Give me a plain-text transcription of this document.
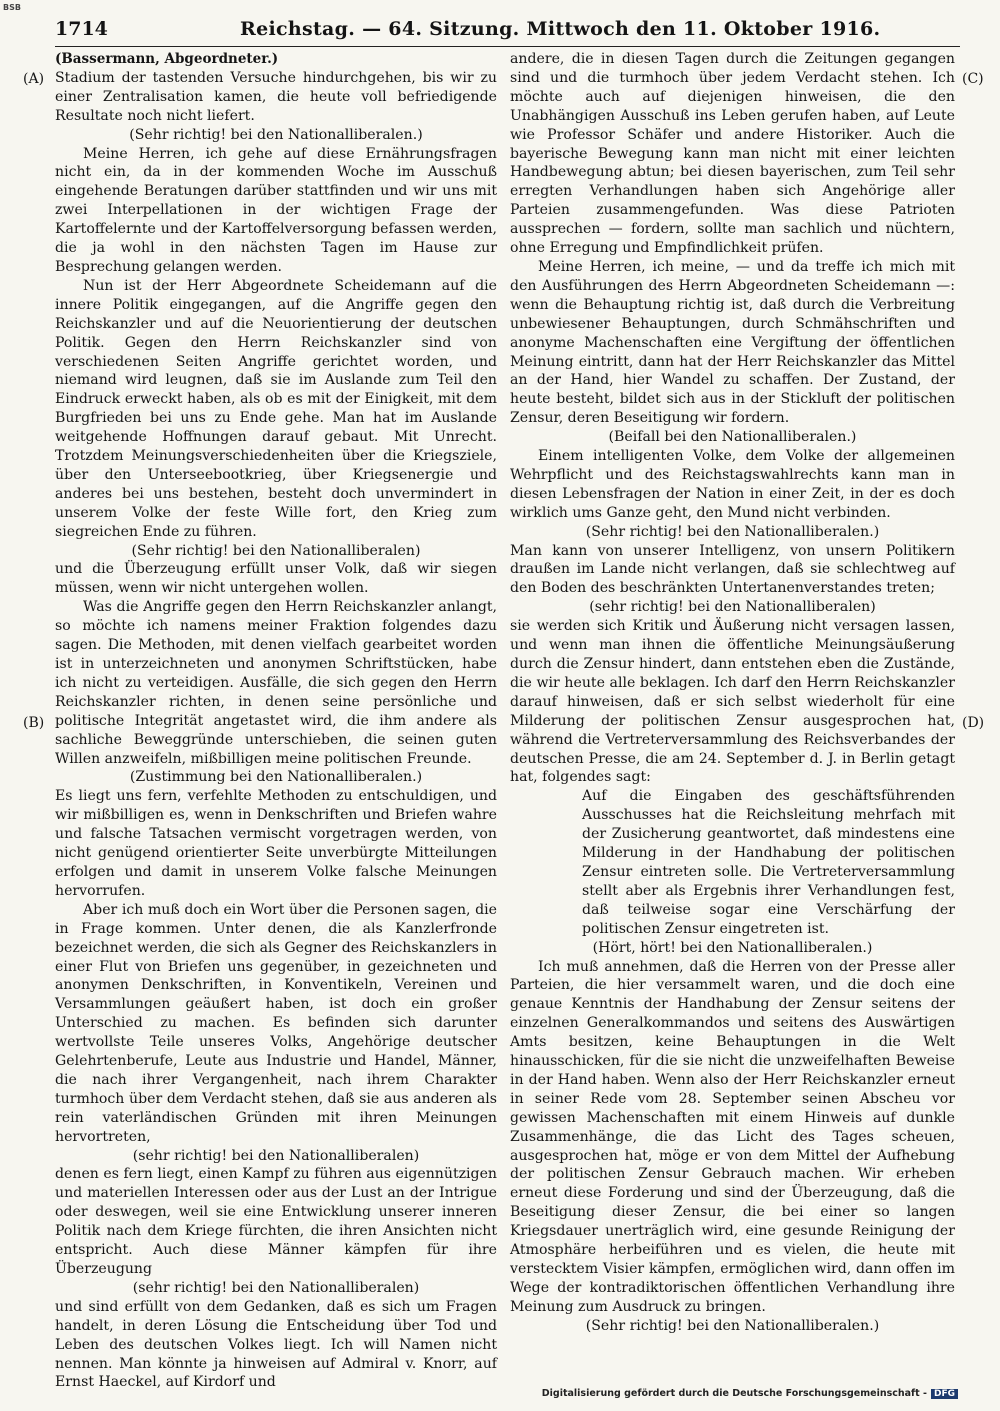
BSB
1714	Reichstag. — 64. Sitzung. Mittwoch den 11. Oktober 1916.
(A)
(B)
(C)
(D)

(Bassermann, Abgeordneter.)

Stadium der tastenden Versuche hindurchgehen, bis wir zu einer Zentralisation kamen, die heute voll befriedigende Resultate noch nicht liefert.

(Sehr richtig! bei den Nationalliberalen.)

Meine Herren, ich gehe auf diese Ernährungsfragen nicht ein, da in der kommenden Woche im Ausschuß eingehende Beratungen darüber stattfinden und wir uns mit zwei Interpellationen in der wichtigen Frage der Kartoffelernte und der Kartoffelversorgung befassen werden, die ja wohl in den nächsten Tagen im Hause zur Besprechung gelangen werden.

Nun ist der Herr Abgeordnete Scheidemann auf die innere Politik eingegangen, auf die Angriffe gegen den Reichskanzler und auf die Neuorientierung der deutschen Politik. Gegen den Herrn Reichskanzler sind von verschiedenen Seiten Angriffe gerichtet worden, und niemand wird leugnen, daß sie im Auslande zum Teil den Eindruck erweckt haben, als ob es mit der Einigkeit, mit dem Burgfrieden bei uns zu Ende gehe. Man hat im Auslande weitgehende Hoffnungen darauf gebaut. Mit Unrecht. Trotzdem Meinungsverschiedenheiten über die Kriegsziele, über den Unterseebootkrieg, über Kriegsenergie und anderes bei uns bestehen, besteht doch unvermindert in unserem Volke der feste Wille fort, den Krieg zum siegreichen Ende zu führen.

(Sehr richtig! bei den Nationalliberalen)

und die Überzeugung erfüllt unser Volk, daß wir siegen müssen, wenn wir nicht untergehen wollen.

Was die Angriffe gegen den Herrn Reichskanzler anlangt, so möchte ich namens meiner Fraktion folgendes dazu sagen. Die Methoden, mit denen vielfach gearbeitet worden ist in unterzeichneten und anonymen Schriftstücken, habe ich nicht zu verteidigen. Ausfälle, die sich gegen den Herrn Reichskanzler richten, in denen seine persönliche und politische Integrität angetastet wird, die ihm andere als sachliche Beweggründe unterschieben, die seinen guten Willen anzweifeln, mißbilligen meine politischen Freunde.

(Zustimmung bei den Nationalliberalen.)

Es liegt uns fern, verfehlte Methoden zu entschuldigen, und wir mißbilligen es, wenn in Denkschriften und Briefen wahre und falsche Tatsachen vermischt vorgetragen werden, von nicht genügend orientierter Seite unverbürgte Mitteilungen erfolgen und damit in unserem Volke falsche Meinungen hervorrufen.

Aber ich muß doch ein Wort über die Personen sagen, die in Frage kommen. Unter denen, die als Kanzlerfronde bezeichnet werden, die sich als Gegner des Reichskanzlers in einer Flut von Briefen uns gegenüber, in gezeichneten und anonymen Denkschriften, in Konventikeln, Vereinen und Versammlungen geäußert haben, ist doch ein großer Unterschied zu machen. Es befinden sich darunter wertvollste Teile unseres Volks, Angehörige deutscher Gelehrtenberufe, Leute aus Industrie und Handel, Männer, die nach ihrer Vergangenheit, nach ihrem Charakter turmhoch über dem Verdacht stehen, daß sie aus anderen als rein vaterländischen Gründen mit ihren Meinungen hervortreten,

(sehr richtig! bei den Nationalliberalen)

denen es fern liegt, einen Kampf zu führen aus eigennützigen und materiellen Interessen oder aus der Lust an der Intrigue oder deswegen, weil sie eine Entwicklung unserer inneren Politik nach dem Kriege fürchten, die ihren Ansichten nicht entspricht. Auch diese Männer kämpfen für ihre Überzeugung

(sehr richtig! bei den Nationalliberalen)

und sind erfüllt von dem Gedanken, daß es sich um Fragen handelt, in deren Lösung die Entscheidung über Tod und Leben des deutschen Volkes liegt. Ich will Namen nicht nennen. Man könnte ja hinweisen auf Admiral v. Knorr, auf Ernst Haeckel, auf Kirdorf und

andere, die in diesen Tagen durch die Zeitungen gegangen sind und die turmhoch über jedem Verdacht stehen. Ich möchte auch auf diejenigen hinweisen, die den Unabhängigen Ausschuß ins Leben gerufen haben, auf Leute wie Professor Schäfer und andere Historiker. Auch die bayerische Bewegung kann man nicht mit einer leichten Handbewegung abtun; bei diesen bayerischen, zum Teil sehr erregten Verhandlungen haben sich Angehörige aller Parteien zusammengefunden. Was diese Patrioten aussprechen — fordern, sollte man sachlich und nüchtern, ohne Erregung und Empfindlichkeit prüfen.

Meine Herren, ich meine, — und da treffe ich mich mit den Ausführungen des Herrn Abgeordneten Scheidemann —: wenn die Behauptung richtig ist, daß durch die Verbreitung unbewiesener Behauptungen, durch Schmähschriften und anonyme Machenschaften eine Vergiftung der öffentlichen Meinung eintritt, dann hat der Herr Reichskanzler das Mittel an der Hand, hier Wandel zu schaffen. Der Zustand, der heute besteht, bildet sich aus in der Stickluft der politischen Zensur, deren Beseitigung wir fordern.

(Beifall bei den Nationalliberalen.)

Einem intelligenten Volke, dem Volke der allgemeinen Wehrpflicht und des Reichstagswahlrechts kann man in diesen Lebensfragen der Nation in einer Zeit, in der es doch wirklich ums Ganze geht, den Mund nicht verbinden.

(Sehr richtig! bei den Nationalliberalen.)

Man kann von unserer Intelligenz, von unsern Politikern draußen im Lande nicht verlangen, daß sie schlechtweg auf den Boden des beschränkten Untertanenverstandes treten;

(sehr richtig! bei den Nationalliberalen)

sie werden sich Kritik und Äußerung nicht versagen lassen, und wenn man ihnen die öffentliche Meinungsäußerung durch die Zensur hindert, dann entstehen eben die Zustände, die wir heute alle beklagen. Ich darf den Herrn Reichskanzler darauf hinweisen, daß er sich selbst wiederholt für eine Milderung der politischen Zensur ausgesprochen hat, während die Vertreterversammlung des Reichsverbandes der deutschen Presse, die am 24. September d. J. in Berlin getagt hat, folgendes sagt:

Auf die Eingaben des geschäftsführenden Ausschusses hat die Reichsleitung mehrfach mit der Zusicherung geantwortet, daß mindestens eine Milderung in der Handhabung der politischen Zensur eintreten solle. Die Vertreterversammlung stellt aber als Ergebnis ihrer Verhandlungen fest, daß teilweise sogar eine Verschärfung der politischen Zensur eingetreten ist.

(Hört, hört! bei den Nationalliberalen.)

Ich muß annehmen, daß die Herren von der Presse aller Parteien, die hier versammelt waren, und die doch eine genaue Kenntnis der Handhabung der Zensur seitens der einzelnen Generalkommandos und seitens des Auswärtigen Amts besitzen, keine Behauptungen in die Welt hinausschicken, für die sie nicht die unzweifelhaften Beweise in der Hand haben. Wenn also der Herr Reichskanzler erneut in seiner Rede vom 28. September seinen Abscheu vor gewissen Machenschaften mit einem Hinweis auf dunkle Zusammenhänge, die das Licht des Tages scheuen, ausgesprochen hat, möge er von dem Mittel der Aufhebung der politischen Zensur Gebrauch machen. Wir erheben erneut diese Forderung und sind der Überzeugung, daß die Beseitigung dieser Zensur, die bei einer so langen Kriegsdauer unerträglich wird, eine gesunde Reinigung der Atmosphäre herbeiführen und es vielen, die heute mit verstecktem Visier kämpfen, ermöglichen wird, dann offen im Wege der kontradiktorischen öffentlichen Verhandlung ihre Meinung zum Ausdruck zu bringen.

(Sehr richtig! bei den Nationalliberalen.)

Digitalisierung gefördert durch die Deutsche Forschungsgemeinschaft - DFG
